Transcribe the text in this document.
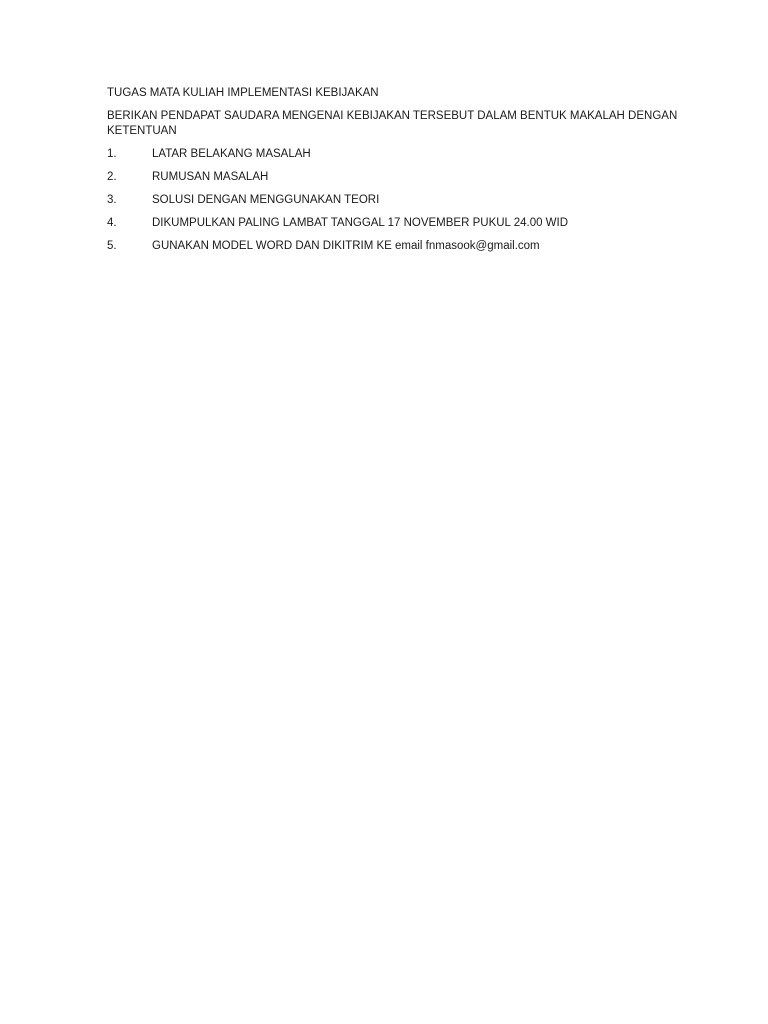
TUGAS MATA KULIAH IMPLEMENTASI KEBIJAKAN
BERIKAN PENDAPAT SAUDARA MENGENAI KEBIJAKAN TERSEBUT DALAM BENTUK MAKALAH DENGAN KETENTUAN
1.	LATAR BELAKANG MASALAH
2.	RUMUSAN MASALAH
3.	SOLUSI DENGAN MENGGUNAKAN TEORI
4.	DIKUMPULKAN PALING LAMBAT TANGGAL 17 NOVEMBER PUKUL 24.00 WID
5.	GUNAKAN MODEL WORD DAN DIKITRIM KE email fnmasook@gmail.com
